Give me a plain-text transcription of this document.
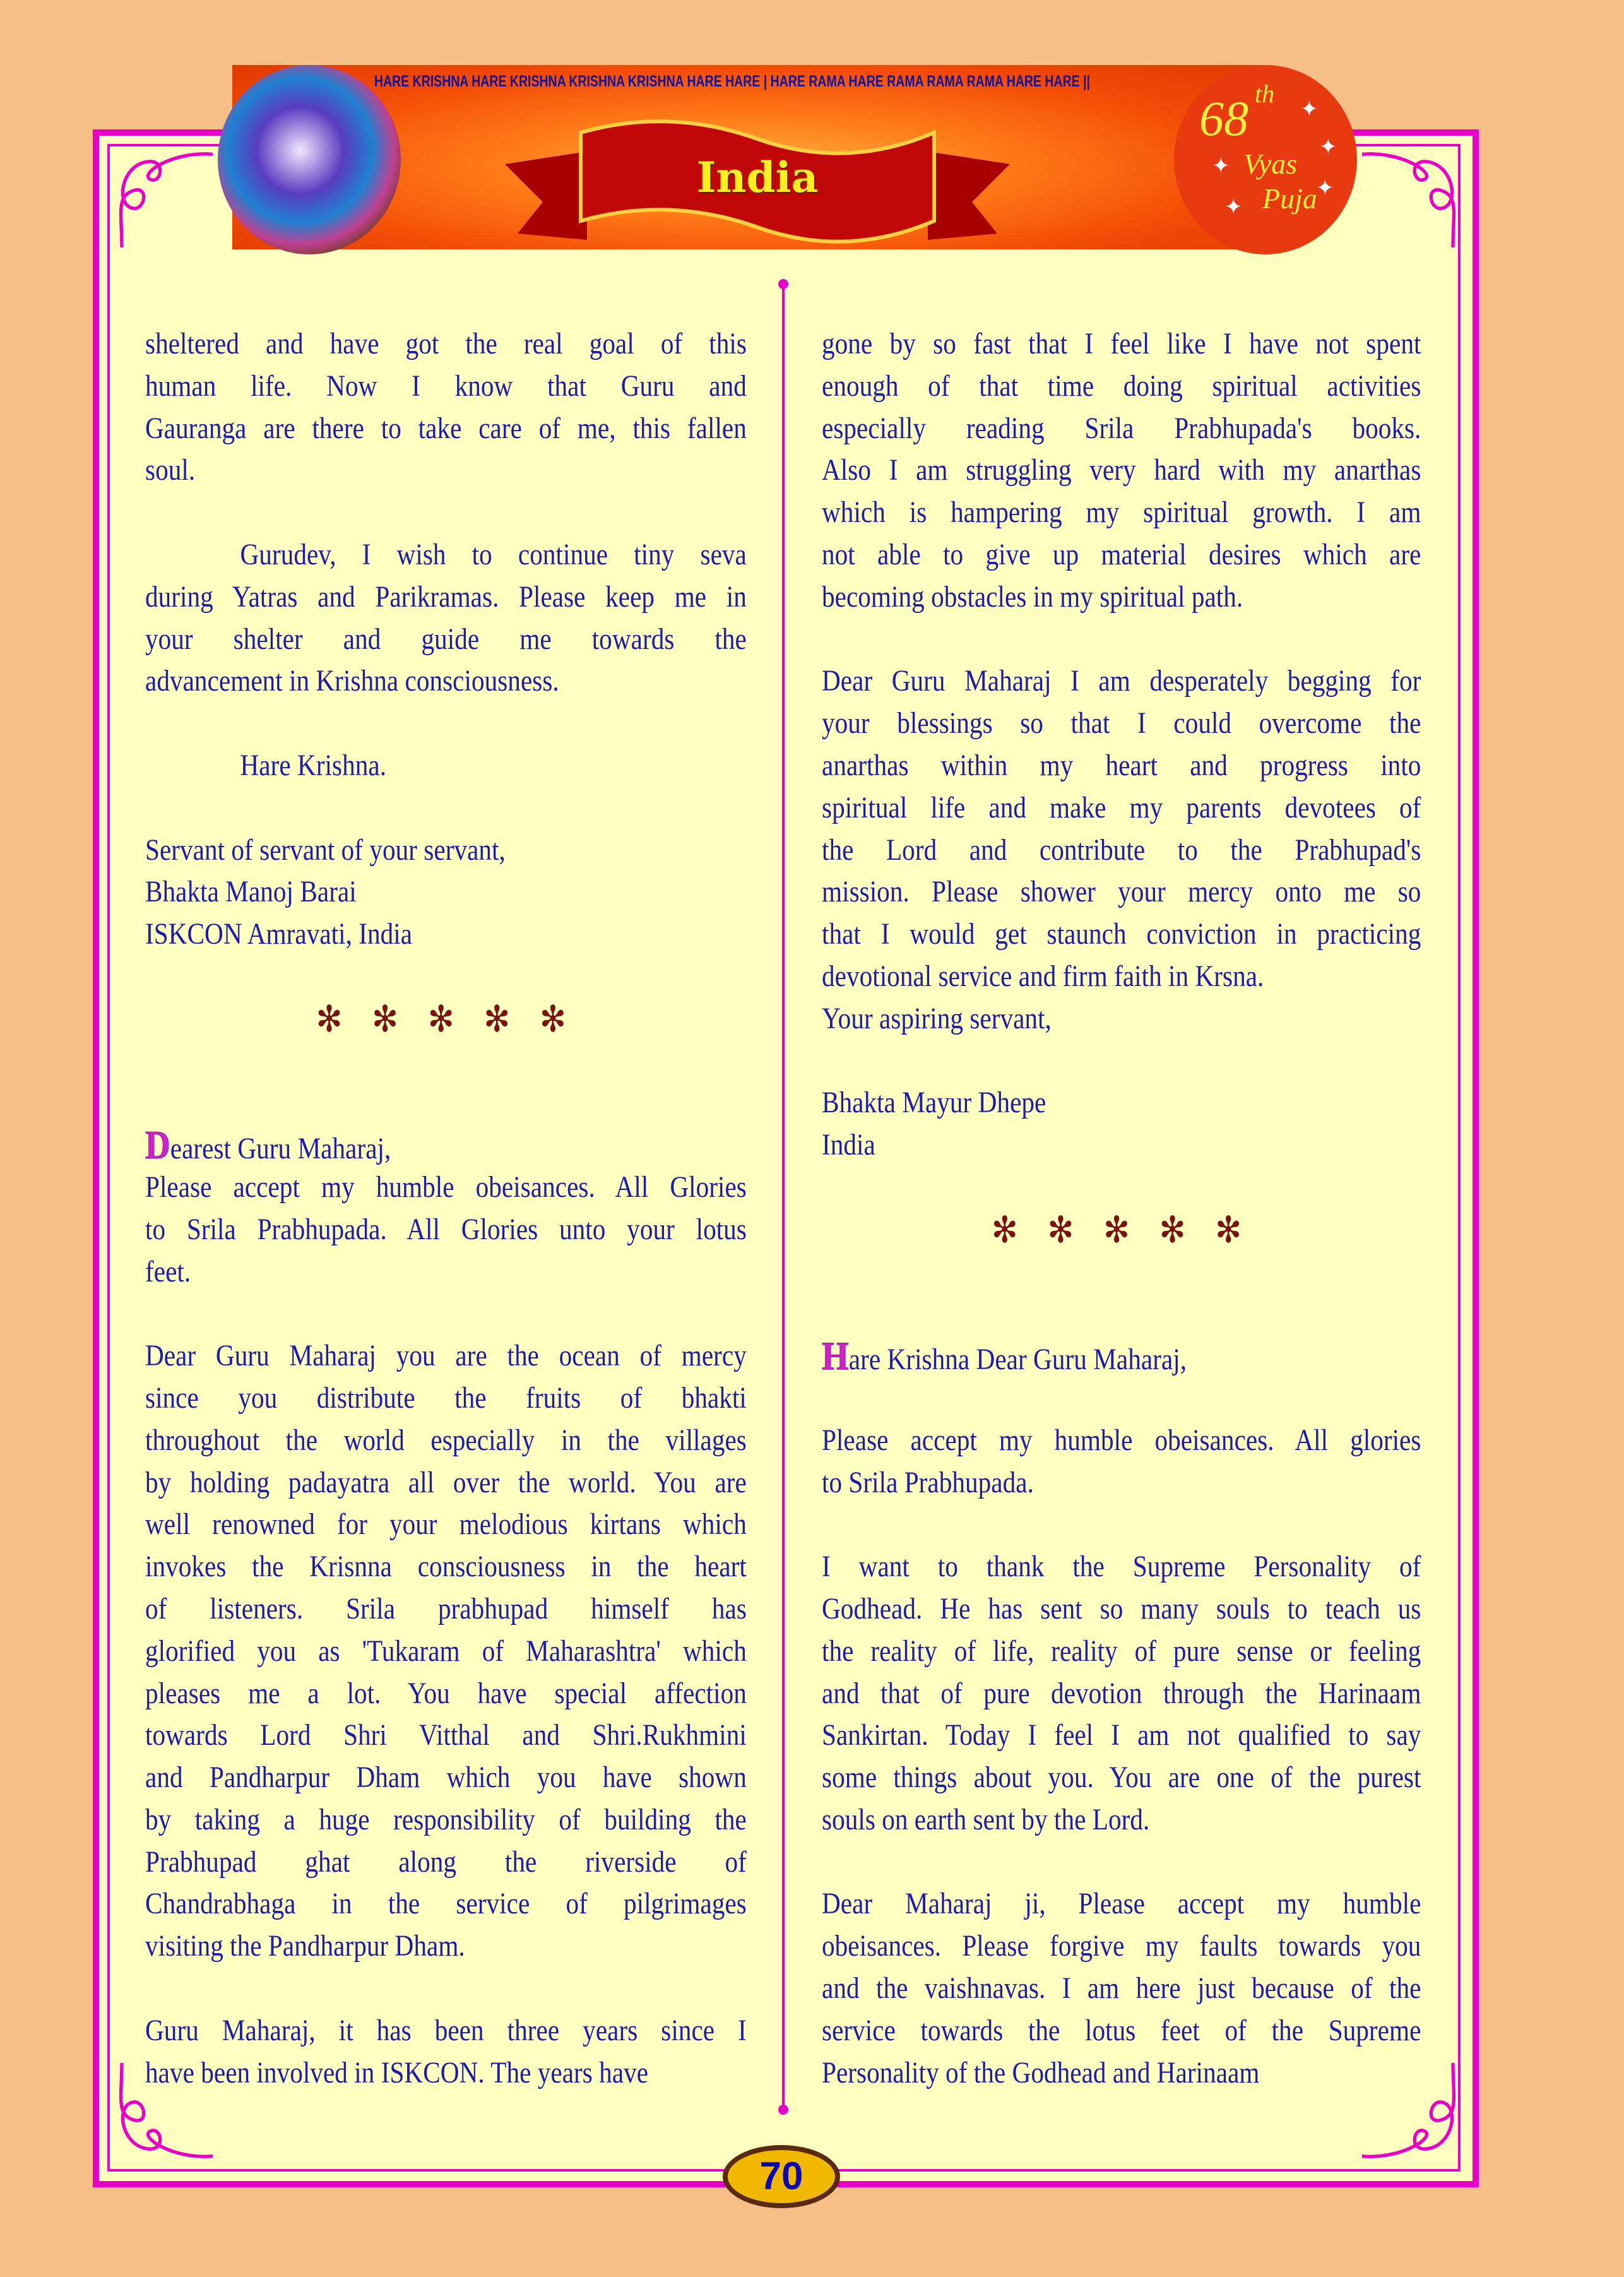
HARE KRISHNA HARE KRISHNA KRISHNA KRISHNA HARE HARE | HARE RAMA HARE RAMA RAMA RAMA HARE HARE ||
India
68 th
Vyas
Puja
✦
✦
✦
✦
✦
sheltered and have got the real goal of this
human life. Now I know that Guru and
Gauranga are there to take care of me, this fallen
soul.
Gurudev, I wish to continue tiny seva
during Yatras and Parikramas. Please keep me in
your shelter and guide me towards the
advancement in Krishna consciousness.
Hare Krishna.
Servant of servant of your servant,
Bhakta Manoj Barai
ISKCON Amravati, India
✻ ✻ ✻ ✻ ✻
Dearest Guru Maharaj,
Please accept my humble obeisances. All Glories
to Srila Prabhupada. All Glories unto your lotus
feet.
Dear Guru Maharaj you are the ocean of mercy
since you distribute the fruits of bhakti
throughout the world especially in the villages
by holding padayatra all over the world. You are
well renowned for your melodious kirtans which
invokes the Krisnna consciousness in the heart
of listeners. Srila prabhupad himself has
glorified you as 'Tukaram of Maharashtra' which
pleases me a lot. You have special affection
towards Lord Shri Vitthal and Shri.Rukhmini
and Pandharpur Dham which you have shown
by taking a huge responsibility of building the
Prabhupad ghat along the riverside of
Chandrabhaga in the service of pilgrimages
visiting the Pandharpur Dham.
Guru Maharaj, it has been three years since I
have been involved in ISKCON. The years have
gone by so fast that I feel like I have not spent
enough of that time doing spiritual activities
especially reading Srila Prabhupada's books.
Also I am struggling very hard with my anarthas
which is hampering my spiritual growth. I am
not able to give up material desires which are
becoming obstacles in my spiritual path.
Dear Guru Maharaj I am desperately begging for
your blessings so that I could overcome the
anarthas within my heart and progress into
spiritual life and make my parents devotees of
the Lord and contribute to the Prabhupad's
mission. Please shower your mercy onto me so
that I would get staunch conviction in practicing
devotional service and firm faith in Krsna.
Your aspiring servant,
Bhakta Mayur Dhepe
India
✻ ✻ ✻ ✻ ✻
Hare Krishna Dear Guru Maharaj,
Please accept my humble obeisances. All glories
to Srila Prabhupada.
I want to thank the Supreme Personality of
Godhead. He has sent so many souls to teach us
the reality of life, reality of pure sense or feeling
and that of pure devotion through the Harinaam
Sankirtan. Today I feel I am not qualified to say
some things about you. You are one of the purest
souls on earth sent by the Lord.
Dear Maharaj ji, Please accept my humble
obeisances. Please forgive my faults towards you
and the vaishnavas. I am here just because of the
service towards the lotus feet of the Supreme
Personality of the Godhead and Harinaam
70
